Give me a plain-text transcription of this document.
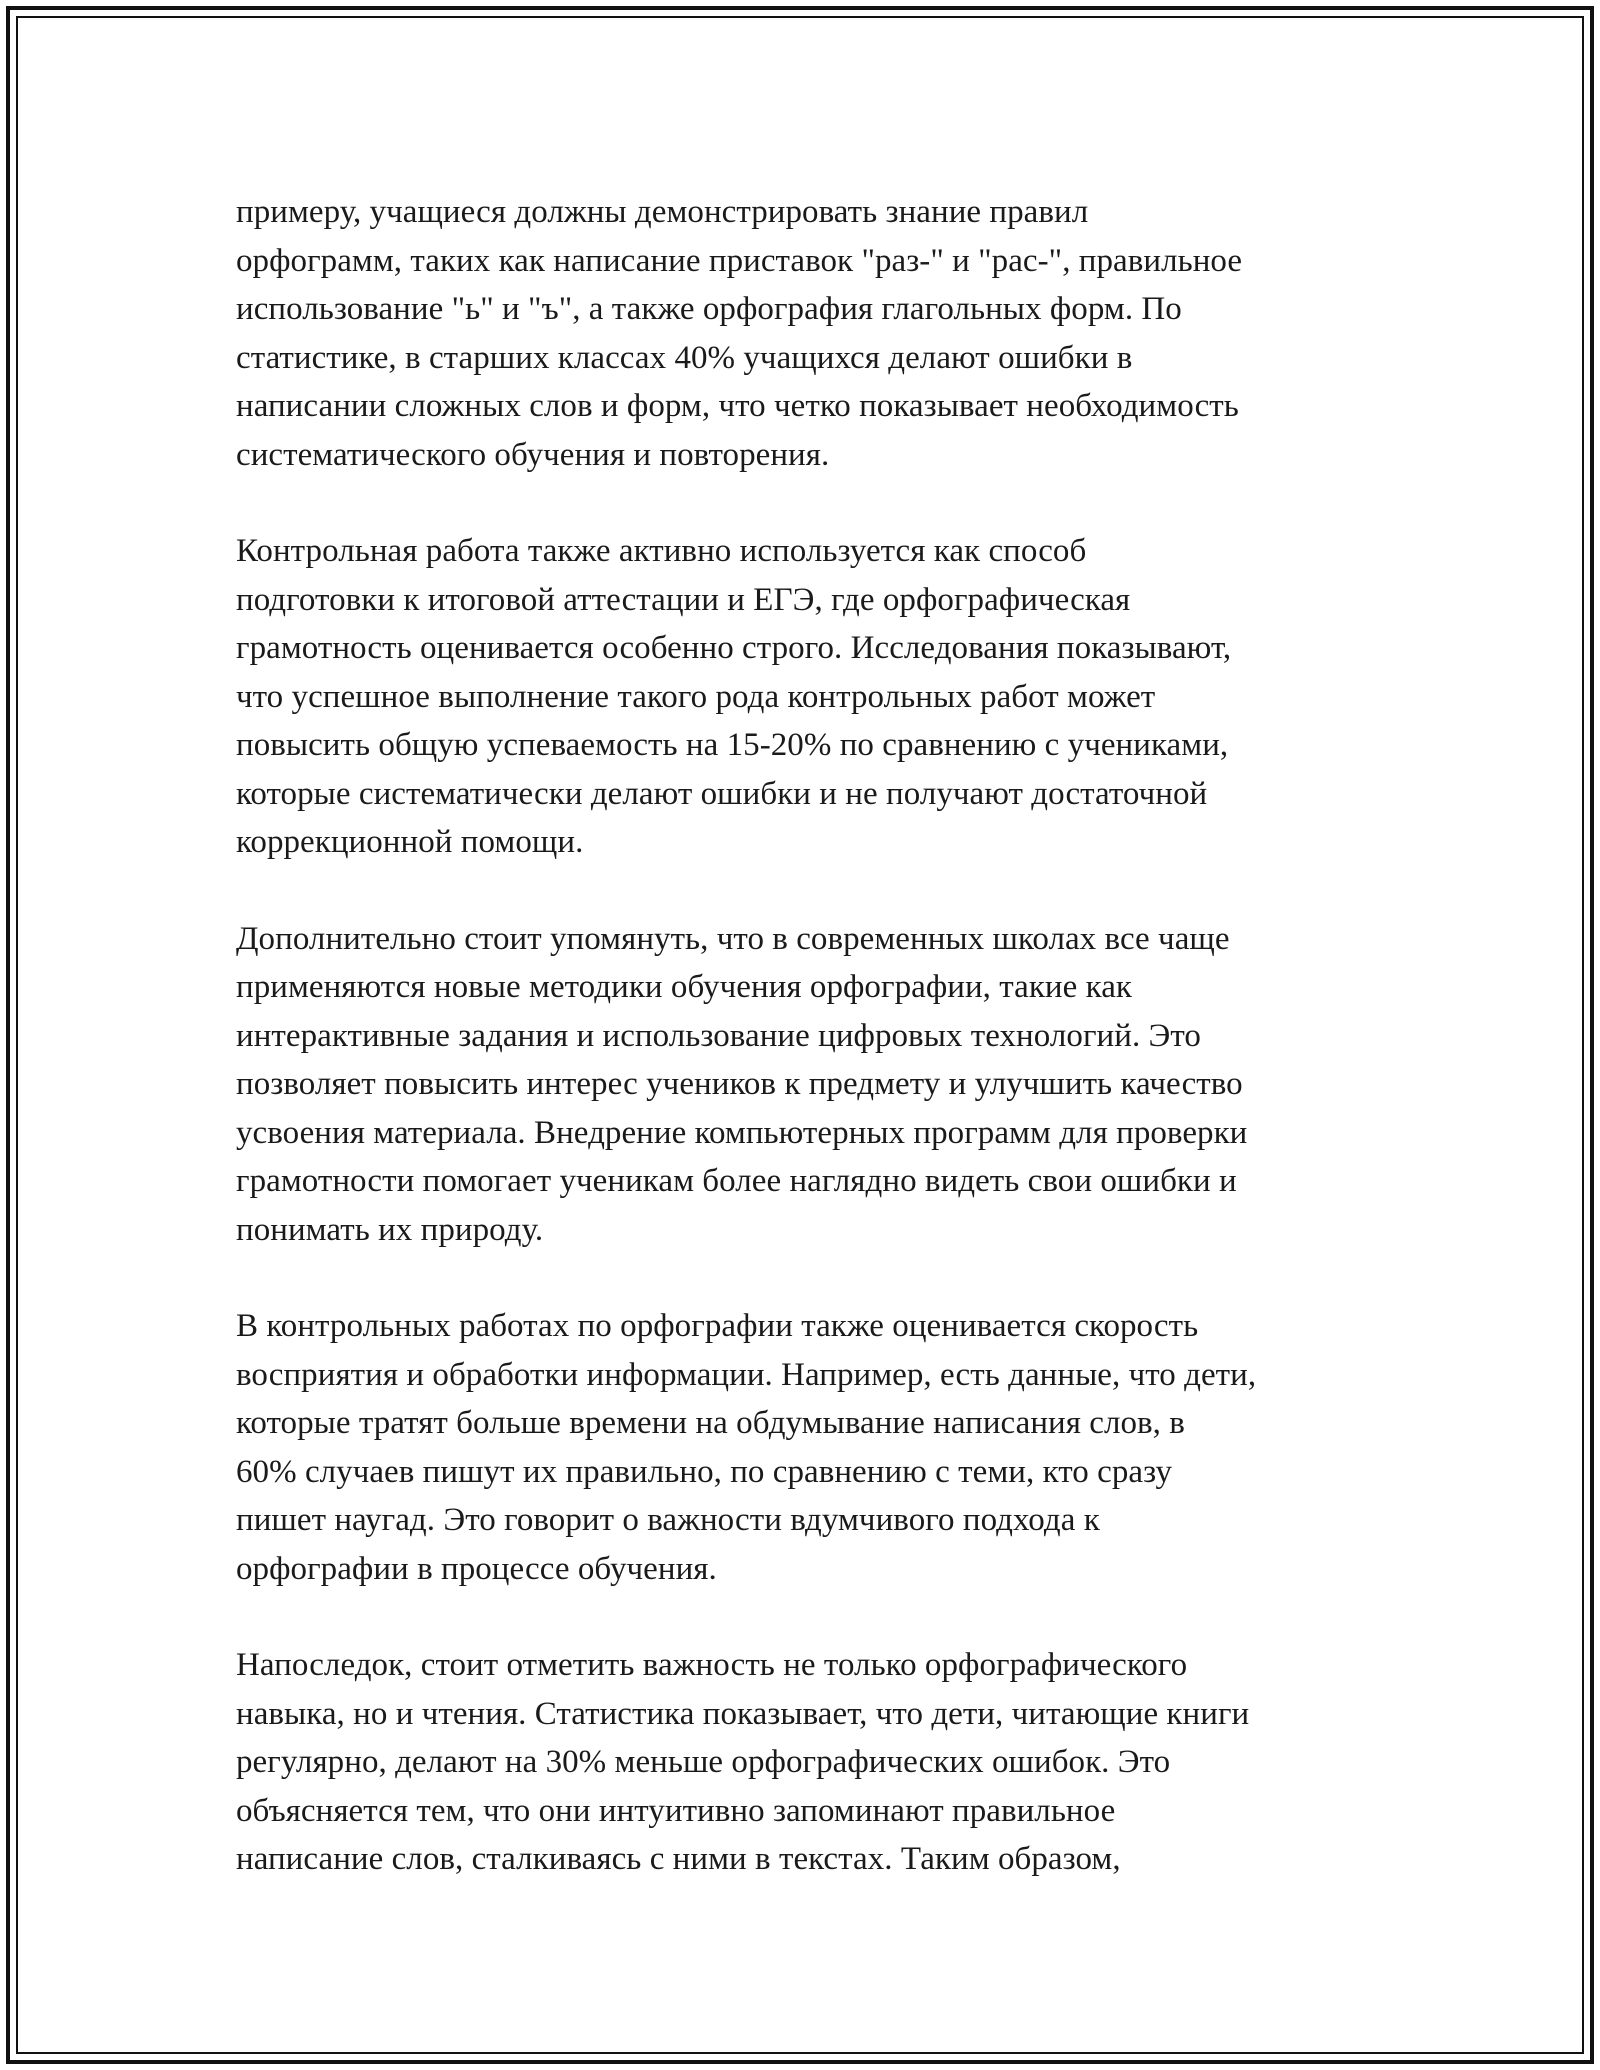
примеру, учащиеся должны демонстрировать знание правил
орфограмм, таких как написание приставок "раз-" и "рас-", правильное
использование "ь" и "ъ", а также орфография глагольных форм. По
статистике, в старших классах 40% учащихся делают ошибки в
написании сложных слов и форм, что четко показывает необходимость
систематического обучения и повторения.

Контрольная работа также активно используется как способ
подготовки к итоговой аттестации и ЕГЭ, где орфографическая
грамотность оценивается особенно строго. Исследования показывают,
что успешное выполнение такого рода контрольных работ может
повысить общую успеваемость на 15-20% по сравнению с учениками,
которые систематически делают ошибки и не получают достаточной
коррекционной помощи.

Дополнительно стоит упомянуть, что в современных школах все чаще
применяются новые методики обучения орфографии, такие как
интерактивные задания и использование цифровых технологий. Это
позволяет повысить интерес учеников к предмету и улучшить качество
усвоения материала. Внедрение компьютерных программ для проверки
грамотности помогает ученикам более наглядно видеть свои ошибки и
понимать их природу.

В контрольных работах по орфографии также оценивается скорость
восприятия и обработки информации. Например, есть данные, что дети,
которые тратят больше времени на обдумывание написания слов, в
60% случаев пишут их правильно, по сравнению с теми, кто сразу
пишет наугад. Это говорит о важности вдумчивого подхода к
орфографии в процессе обучения.

Напоследок, стоит отметить важность не только орфографического
навыка, но и чтения. Статистика показывает, что дети, читающие книги
регулярно, делают на 30% меньше орфографических ошибок. Это
объясняется тем, что они интуитивно запоминают правильное
написание слов, сталкиваясь с ними в текстах. Таким образом,
